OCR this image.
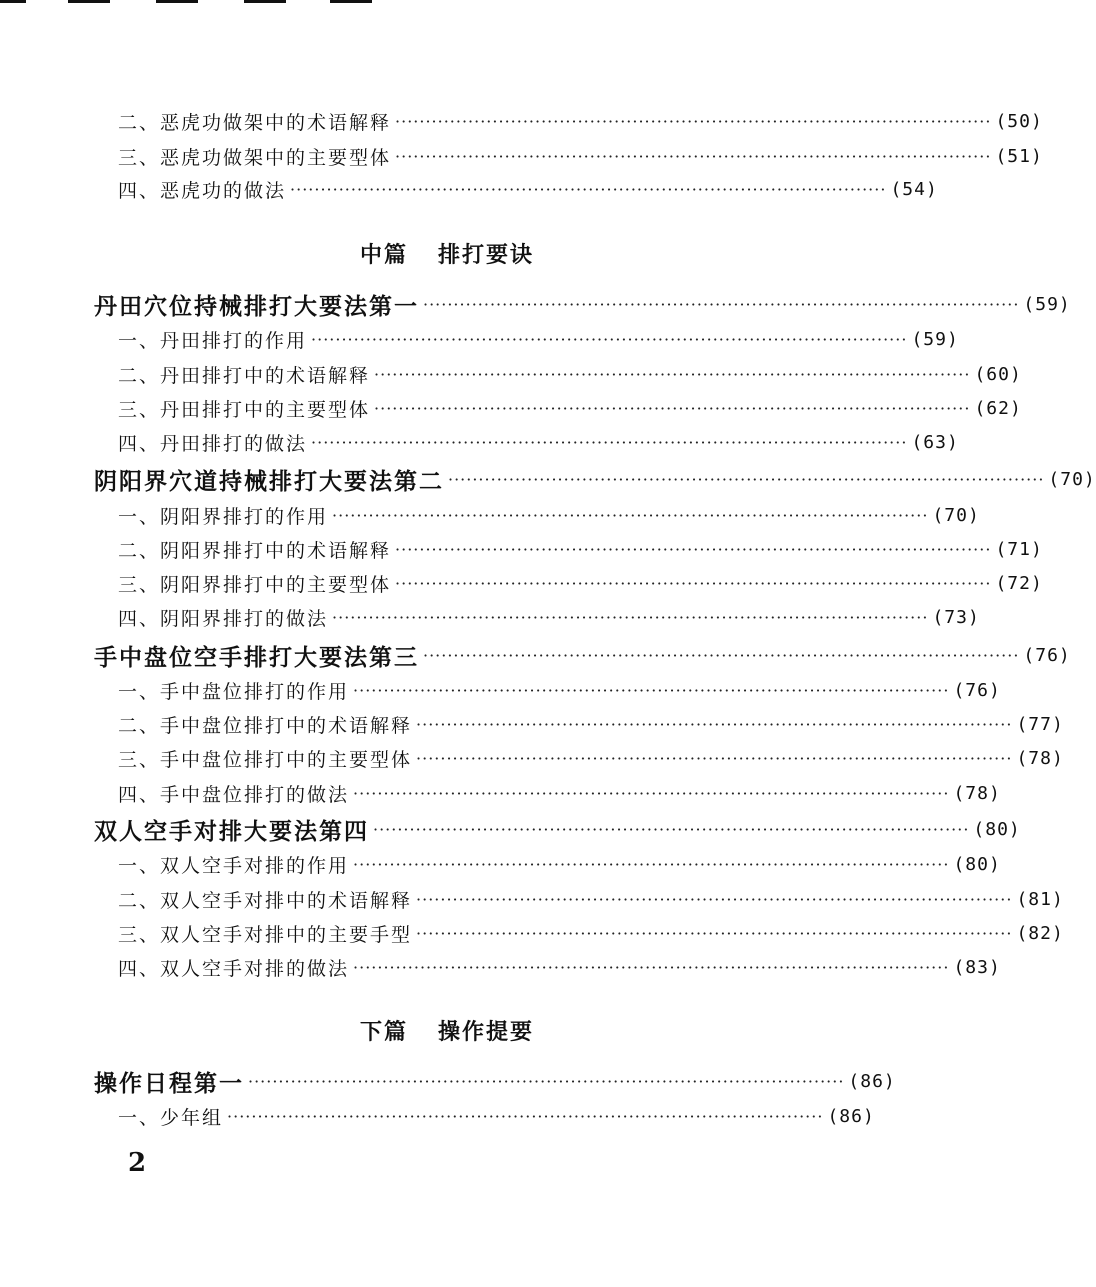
二、恶虎功做架中的术语解释 ·································································································· (50)
三、恶虎功做架中的主要型体 ·································································································· (51)
四、恶虎功的做法 ·································································································· (54)
中篇 排打要诀
丹田穴位持械排打大要法第一 ·································································································· (59)
一、丹田排打的作用 ·································································································· (59)
二、丹田排打中的术语解释 ·································································································· (60)
三、丹田排打中的主要型体 ·································································································· (62)
四、丹田排打的做法 ·································································································· (63)
阴阳界穴道持械排打大要法第二 ·································································································· (70)
一、阴阳界排打的作用 ·································································································· (70)
二、阴阳界排打中的术语解释 ·································································································· (71)
三、阴阳界排打中的主要型体 ·································································································· (72)
四、阴阳界排打的做法 ·································································································· (73)
手中盘位空手排打大要法第三 ·································································································· (76)
一、手中盘位排打的作用 ·································································································· (76)
二、手中盘位排打中的术语解释 ·································································································· (77)
三、手中盘位排打中的主要型体 ·································································································· (78)
四、手中盘位排打的做法 ·································································································· (78)
双人空手对排大要法第四 ·································································································· (80)
一、双人空手对排的作用 ·································································································· (80)
二、双人空手对排中的术语解释 ·································································································· (81)
三、双人空手对排中的主要手型 ·································································································· (82)
四、双人空手对排的做法 ·································································································· (83)
下篇 操作提要
操作日程第一 ·································································································· (86)
一、少年组 ·································································································· (86)
2
